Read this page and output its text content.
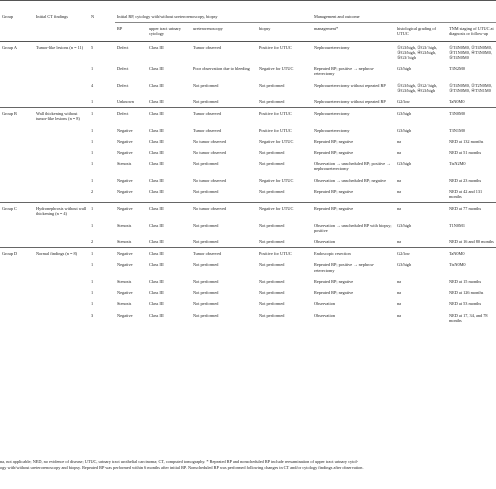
Group	Initial CT findings	N	Initial RP, cytology with/without ureterorenoscopy, biopsy				Management and outcome		
			RP	upper tract urinary cytology	ureterorenoscopy	biopsy	management*	histological grading of UTUC	TNM staging of UTUC at diagnosis or follow-up
Group A	Tumor-like lesions (n = 11)	5	Defect	Class III	Tumor observed	Positive for UTUC	Nephroureterectomy	①G3/high, ②G3/ high, ③G3/high, ④G3/high, ⑤G3/ high	①T4N0M0, ②T4N0M0, ③T1N0M0, ④T3N0M0, ⑤T4N0M0
		1	Defect	Class III	Poor observation due to bleeding	Negative for UTUC	Repeated RP; positive → nephroureterectomy	G3/high	T3N2M0
		4	Defect	Class III	Not performed	Not performed	Nephroureterectomy without repeated RP	①G3/high, ②G2/ high, ③G3/high, ④G3/high	①T4N0M0, ②T2N0M0, ③T3N0M0, ④T3N1M0
		1	Unknown	Class III	Not performed	Not performed	Nephroureterectomy without repeated RP	G2/low	TaN0M0
Group B	Wall thickening without tumor-like lesions (n = 8)	1	Defect	Class III	Tumor observed	Positive for UTUC	Nephroureterectomy	G3/high	T3N0M0
		1	Negative	Class III	Tumor observed	Positive for UTUC	Nephroureterectomy	G3/high	T3N1M0
		1	Negative	Class III	No tumor observed	Negative for UTUC	Repeated RP; negative	na	NED at 132 months
		1	Negative	Class III	No tumor observed	Not performed	Repeated RP; negative	na	NED at 51 months
		1	Stenosis	Class III	Not performed	Not performed	Observation → unscheduled RP; positive → nephroureterectomy	G3/high	TisN2M0
		1	Negative	Class III	No tumor observed	Negative for UTUC	Observation → unscheduled RP; negative	na	NED at 23 months
		2	Negative	Class III	Not performed	Not performed	Repeated RP; negative	na	NED at 42 and 131 months
Group C	Hydronephrosis without wall thickening (n = 4)	1	Negative	Class III	No tumor observed	Negative for UTUC	Repeated RP; negative	na	NED at 77 months
		1	Stenosis	Class III	Not performed	Not performed	Observation → unscheduled RP with biopsy; positive	G3/high	T1N0M1
		2	Stenosis	Class III	Not performed	Not performed	Observation	na	NED at 16 and 80 months
Group D	Normal findings (n = 8)	1	Negative	Class III	Tumor observed	Positive for UTUC	Endoscopic resection	G2/low	TaN0M0
		1	Negative	Class III	Not performed	Not performed	Repeated RP; positive → nephroureterectomy	G3/high	TisN0M0
		1	Stenosis	Class III	Not performed	Not performed	Repeated RP; negative	na	NED at 15 months
		1	Negative	Class III	Not performed	Not performed	Repeated RP; negative	na	NED at 126 months
		1	Stenosis	Class III	Not performed	Not performed	Observation	na	NED at 53 months
		3	Negative	Class III	Not performed	Not performed	Observation	na	NED at 17, 34, and 78 months
na, not applicable; NED, no evidence of disease; UTUC, urinary tract urothelial carcinoma; CT, computed tomography. * Repeated RP and nonscheduled RP include reexamination of upper tract urinary cytol-
ogy with/without ureterorenoscopy and biopsy. Repeated RP was performed within 6 months after initial RP. Nonscheduled RP was performed following changes in CT and/or cytology findings after observation.
